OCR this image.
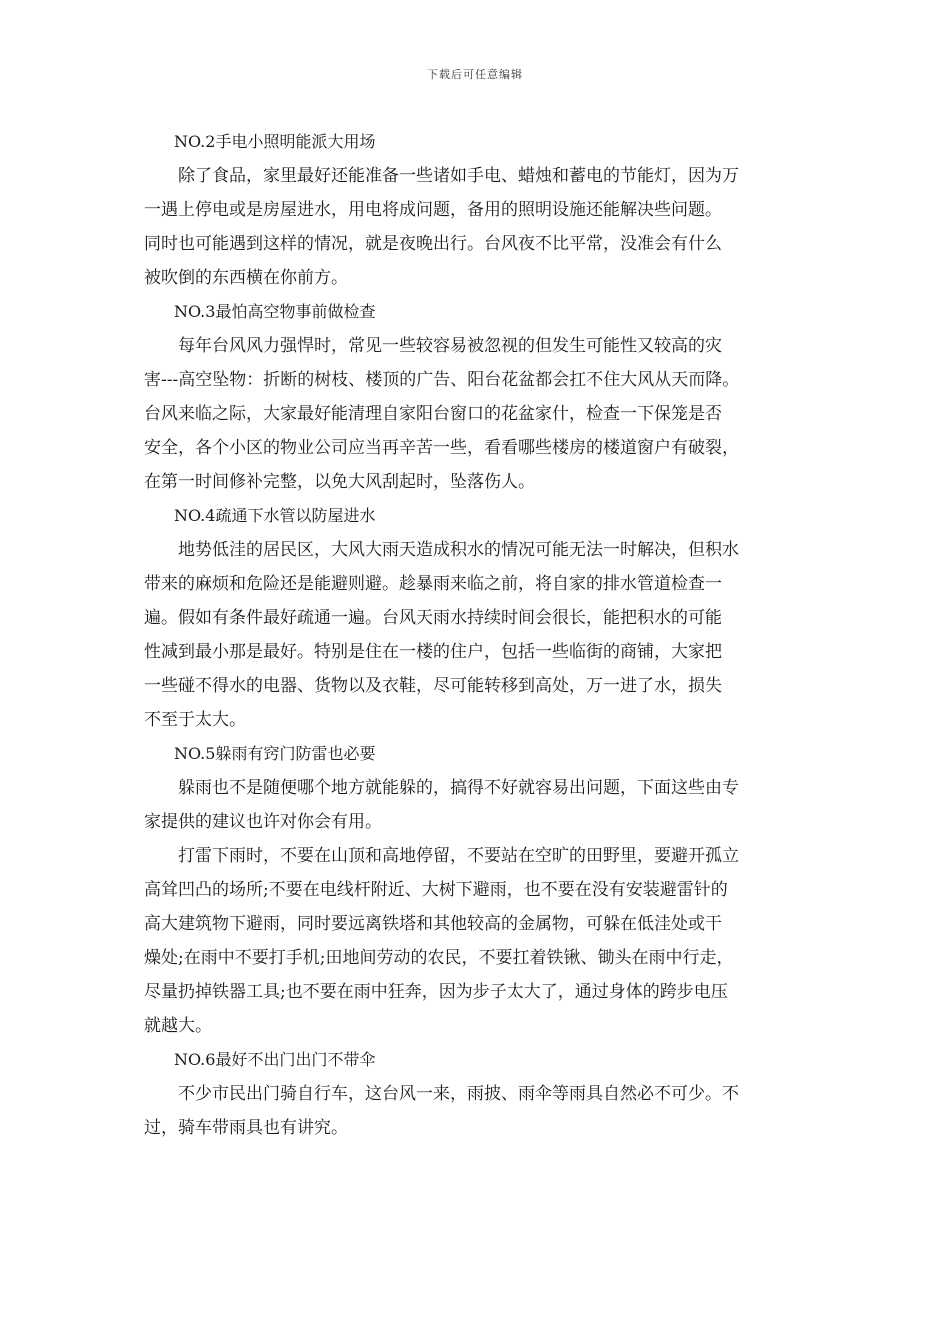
下载后可任意编辑
NO.2手电小照明能派大用场

除了食品，家里最好还能准备一些诸如手电、蜡烛和蓄电的节能灯，因为万
一遇上停电或是房屋进水，用电将成问题，备用的照明设施还能解决些问题。
同时也可能遇到这样的情况，就是夜晚出行。台风夜不比平常，没准会有什么
被吹倒的东西横在你前方。

NO.3最怕高空物事前做检查

每年台风风力强悍时，常见一些较容易被忽视的但发生可能性又较高的灾
害---高空坠物：折断的树枝、楼顶的广告、阳台花盆都会扛不住大风从天而降。
台风来临之际，大家最好能清理自家阳台窗口的花盆家什，检查一下保笼是否
安全，各个小区的物业公司应当再辛苦一些，看看哪些楼房的楼道窗户有破裂，
在第一时间修补完整，以免大风刮起时，坠落伤人。

NO.4疏通下水管以防屋进水

地势低洼的居民区，大风大雨天造成积水的情况可能无法一时解决，但积水
带来的麻烦和危险还是能避则避。趁暴雨来临之前，将自家的排水管道检查一
遍。假如有条件最好疏通一遍。台风天雨水持续时间会很长，能把积水的可能
性减到最小那是最好。特别是住在一楼的住户，包括一些临街的商铺，大家把
一些碰不得水的电器、货物以及衣鞋，尽可能转移到高处，万一进了水，损失
不至于太大。

NO.5躲雨有窍门防雷也必要

躲雨也不是随便哪个地方就能躲的，搞得不好就容易出问题，下面这些由专
家提供的建议也许对你会有用。

打雷下雨时，不要在山顶和高地停留，不要站在空旷的田野里，要避开孤立
高耸凹凸的场所;不要在电线杆附近、大树下避雨，也不要在没有安装避雷针的
高大建筑物下避雨，同时要远离铁塔和其他较高的金属物，可躲在低洼处或干
燥处;在雨中不要打手机;田地间劳动的农民，不要扛着铁锹、锄头在雨中行走，
尽量扔掉铁器工具;也不要在雨中狂奔，因为步子太大了，通过身体的跨步电压
就越大。

NO.6最好不出门出门不带伞

不少市民出门骑自行车，这台风一来，雨披、雨伞等雨具自然必不可少。不
过，骑车带雨具也有讲究。
